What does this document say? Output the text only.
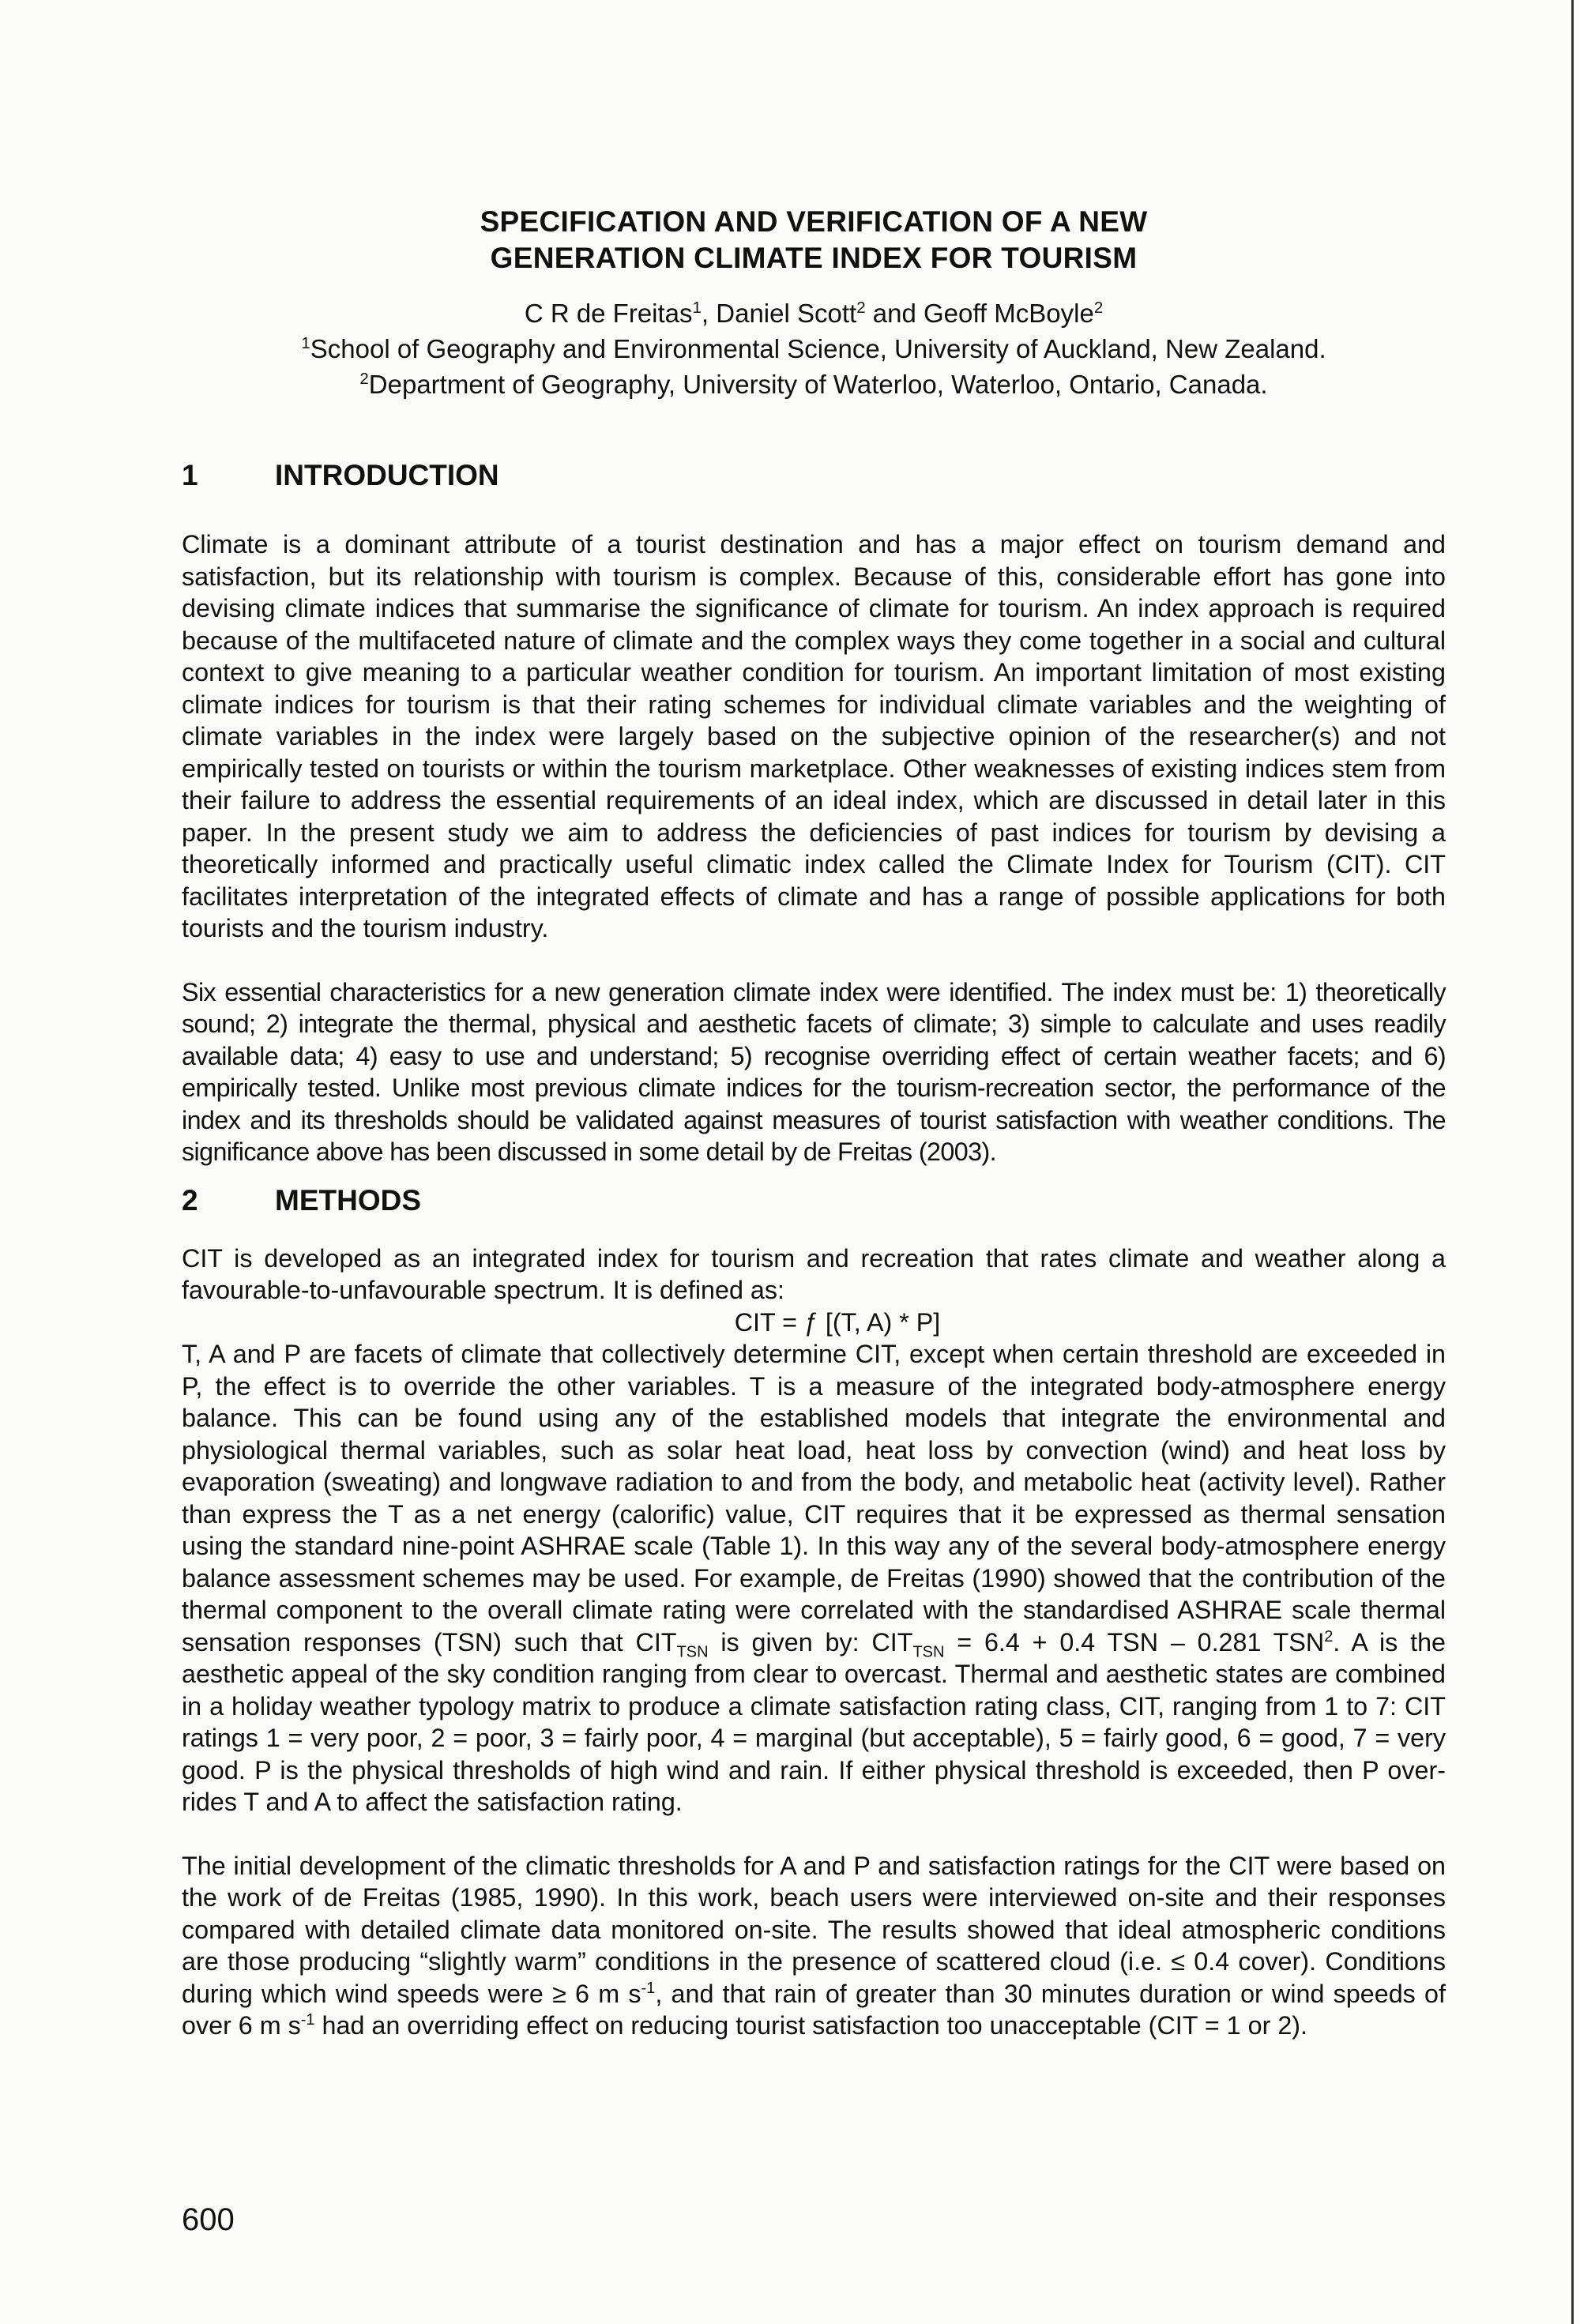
SPECIFICATION AND VERIFICATION OF A NEW
GENERATION CLIMATE INDEX FOR TOURISM
C R de Freitas$^1$, Daniel Scott$^2$ and Geoff McBoyle$^2$
$^1$School of Geography and Environmental Science, University of Auckland, New Zealand.
$^2$Department of Geography, University of Waterloo, Waterloo, Ontario, Canada.
1	INTRODUCTION

Climate is a dominant attribute of a tourist destination and has a major effect on tourism demand and satisfaction, but its relationship with tourism is complex. Because of this, considerable effort has gone into devising climate indices that summarise the significance of climate for tourism. An index approach is required because of the multifaceted nature of climate and the complex ways they come together in a social and cultural context to give meaning to a particular weather condition for tourism. An important limitation of most existing climate indices for tourism is that their rating schemes for individual climate variables and the weighting of climate variables in the index were largely based on the subjective opinion of the researcher(s) and not empirically tested on tourists or within the tourism marketplace. Other weaknesses of existing indices stem from their failure to address the essential requirements of an ideal index, which are discussed in detail later in this paper. In the present study we aim to address the deficiencies of past indices for tourism by devising a theoretically informed and practically useful climatic index called the Climate Index for Tourism (CIT). CIT facilitates interpretation of the integrated effects of climate and has a range of possible applications for both tourists and the tourism industry.

Six essential characteristics for a new generation climate index were identified. The index must be: 1) theoretically sound; 2) integrate the thermal, physical and aesthetic facets of climate; 3) simple to calculate and uses readily available data; 4) easy to use and understand; 5) recognise overriding effect of certain weather facets; and 6) empirically tested. Unlike most previous climate indices for the tourism-recreation sector, the performance of the index and its thresholds should be validated against measures of tourist satisfaction with weather conditions. The significance above has been discussed in some detail by de Freitas (2003).

2	METHODS

CIT is developed as an integrated index for tourism and recreation that rates climate and weather along a favourable-to-unfavourable spectrum. It is defined as:

CIT = ƒ [(T, A) * P]

T, A and P are facets of climate that collectively determine CIT, except when certain threshold are exceeded in P, the effect is to override the other variables. T is a measure of the integrated body-atmosphere energy balance. This can be found using any of the established models that integrate the environmental and physiological thermal variables, such as solar heat load, heat loss by convection (wind) and heat loss by evaporation (sweating) and longwave radiation to and from the body, and metabolic heat (activity level). Rather than express the T as a net energy (calorific) value, CIT requires that it be expressed as thermal sensation using the standard nine-point ASHRAE scale (Table 1). In this way any of the several body-atmosphere energy balance assessment schemes may be used. For example, de Freitas (1990) showed that the contribution of the thermal component to the overall climate rating were correlated with the standardised ASHRAE scale thermal sensation responses (TSN) such that $CIT_{TSN}$ is given by: $CIT_{TSN} = 6.4 + 0.4$ TSN – 0.281 TSN$^2$. A is the aesthetic appeal of the sky condition ranging from clear to overcast. Thermal and aesthetic states are combined in a holiday weather typology matrix to produce a climate satisfaction rating class, CIT, ranging from 1 to 7: CIT ratings 1 = very poor, 2 = poor, 3 = fairly poor, 4 = marginal (but acceptable), 5 = fairly good, 6 = good, 7 = very good. P is the physical thresholds of high wind and rain. If either physical threshold is exceeded, then P over-rides T and A to affect the satisfaction rating.

The initial development of the climatic thresholds for A and P and satisfaction ratings for the CIT were based on the work of de Freitas (1985, 1990). In this work, beach users were interviewed on-site and their responses compared with detailed climate data monitored on-site. The results showed that ideal atmospheric conditions are those producing “slightly warm” conditions in the presence of scattered cloud (i.e. ≤ 0.4 cover). Conditions during which wind speeds were ≥ 6 m $s^{-1}$, and that rain of greater than 30 minutes duration or wind speeds of over 6 m $s^{-1}$ had an overriding effect on reducing tourist satisfaction too unacceptable (CIT = 1 or 2).

600
